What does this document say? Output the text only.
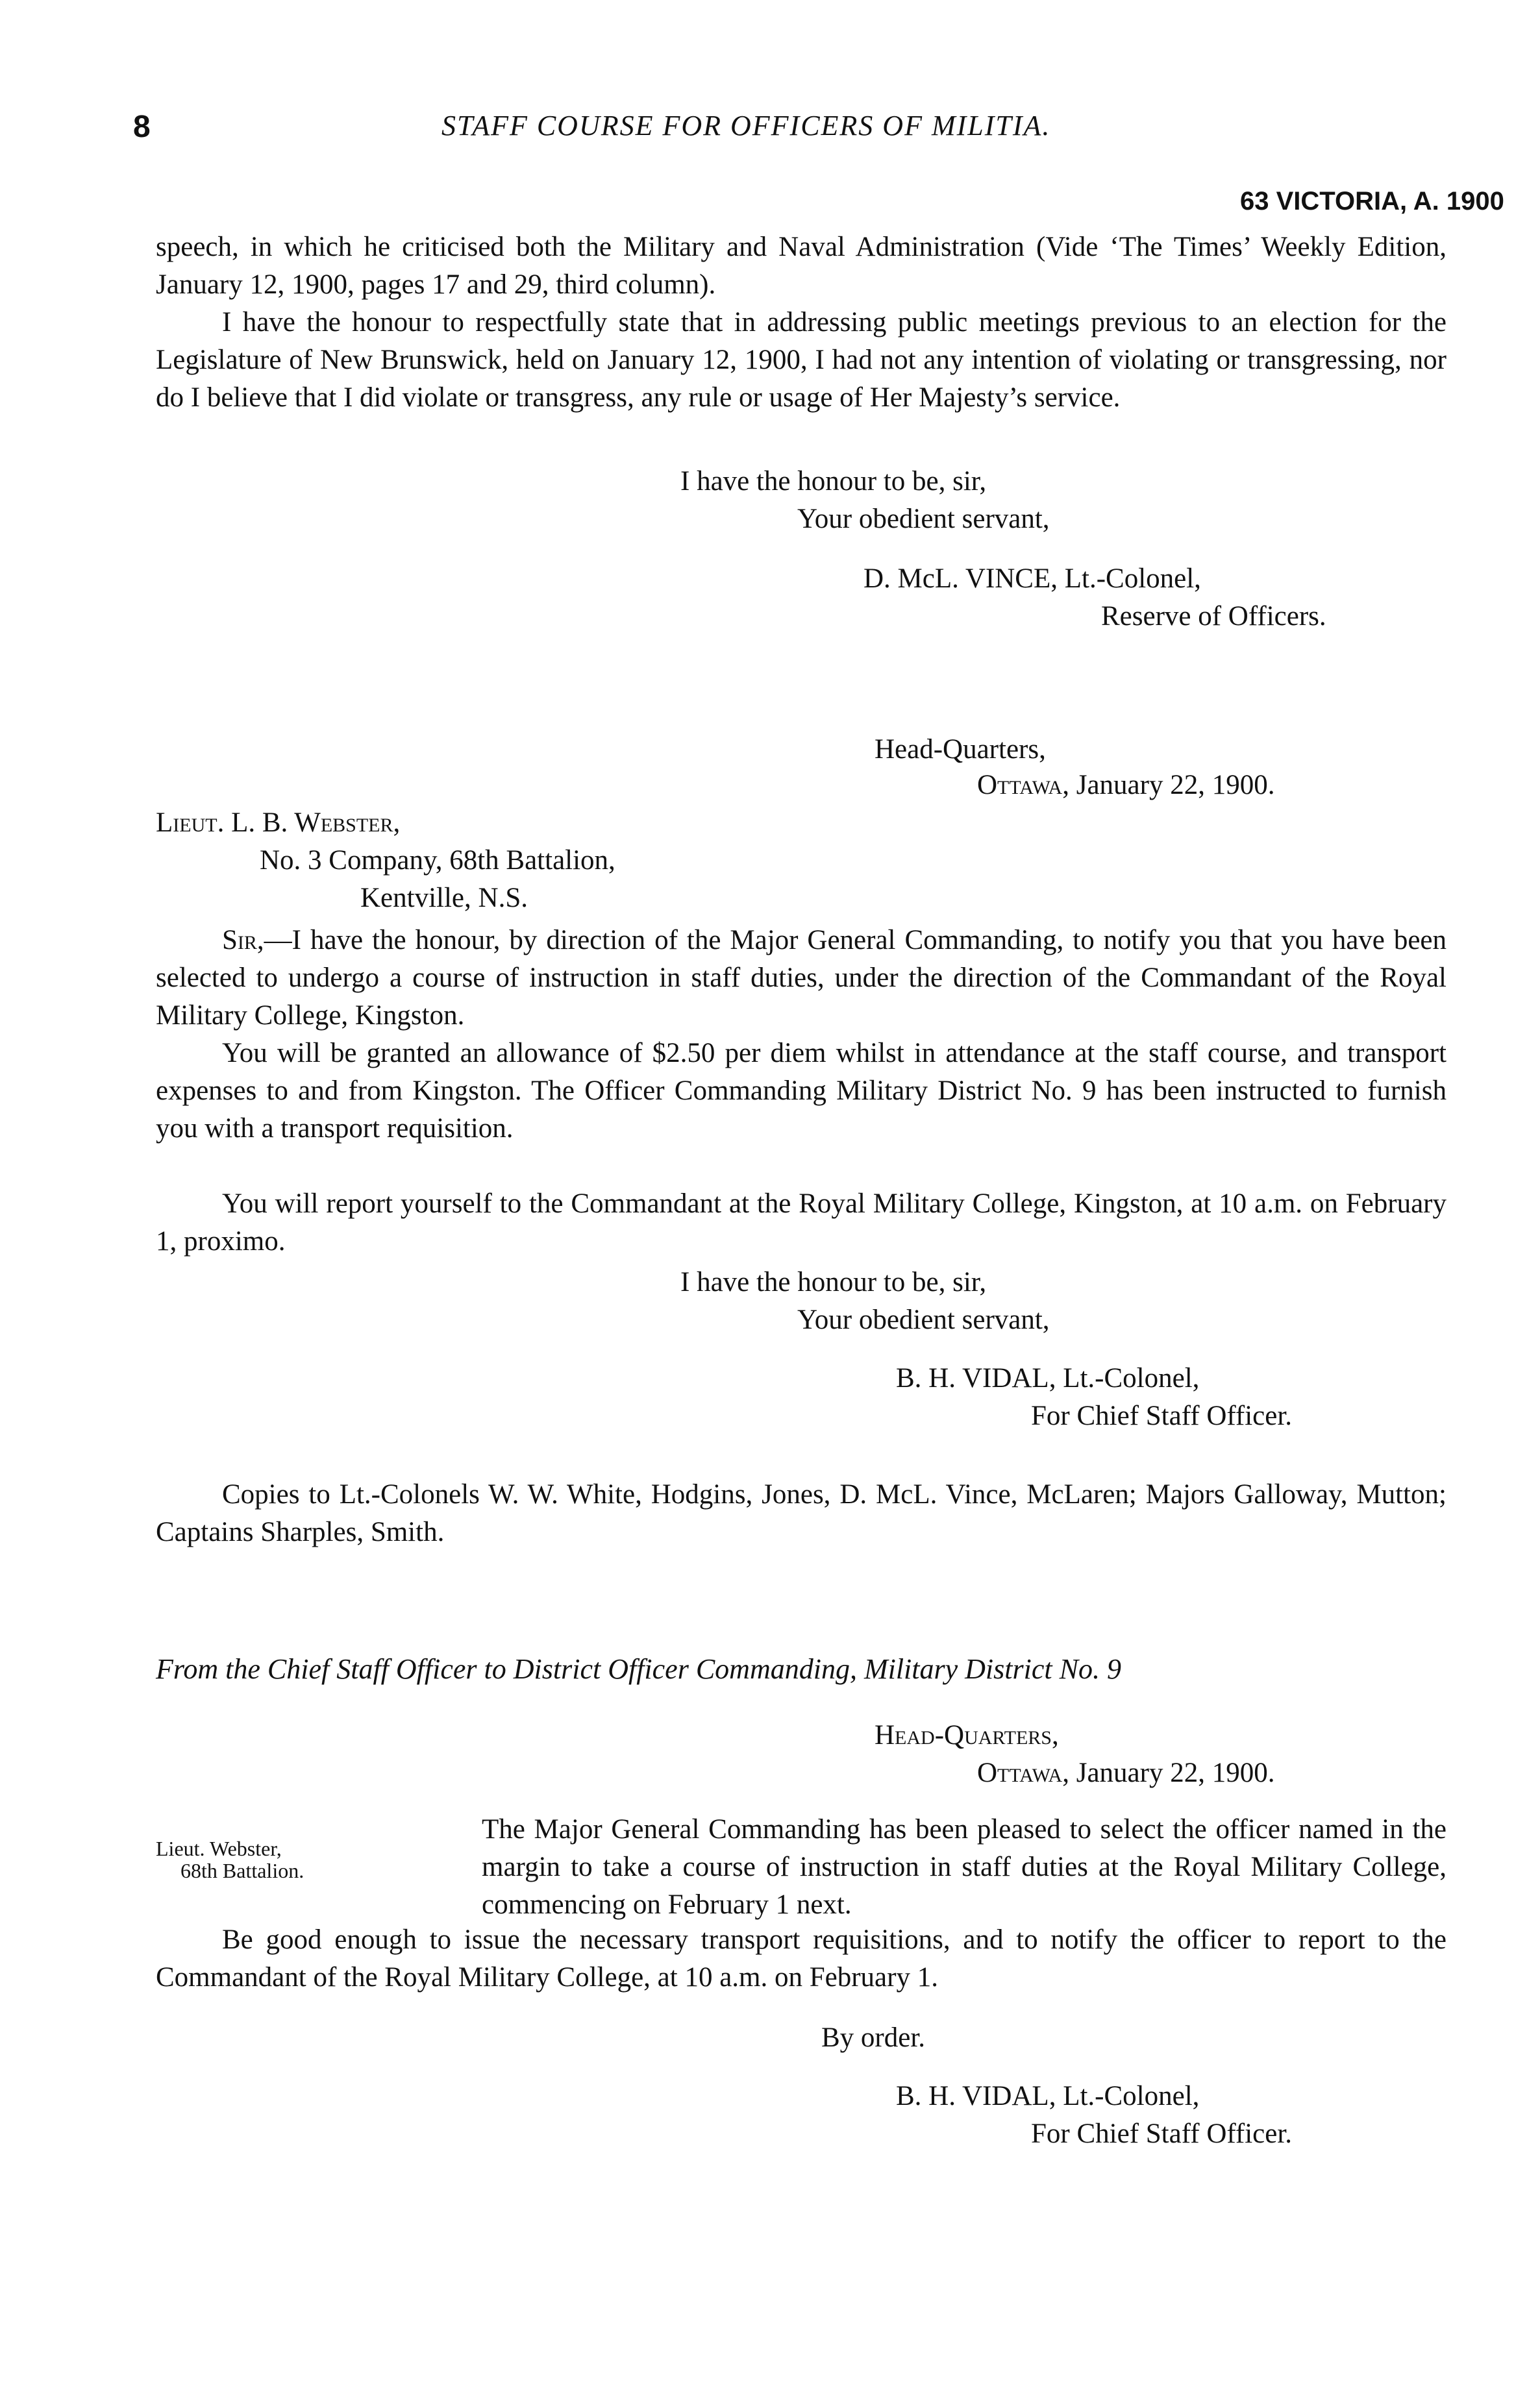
8	STAFF COURSE FOR OFFICERS OF MILITIA.
63 VICTORIA, A. 1900
speech, in which he criticised both the Military and Naval Administration (Vide ‘The Times’ Weekly Edition, January 12, 1900, pages 17 and 29, third column).
I have the honour to respectfully state that in addressing public meetings previous to an election for the Legislature of New Brunswick, held on January 12, 1900, I had not any intention of violating or transgressing, nor do I believe that I did violate or transgress, any rule or usage of Her Majesty’s service.
I have the honour to be, sir,
Your obedient servant,
D. McL. VINCE, Lt.-Colonel,
Reserve of Officers.
Head-Quarters,
Ottawa, January 22, 1900.
Lieut. L. B. Webster,
No. 3 Company, 68th Battalion,
Kentville, N.S.
Sir,—I have the honour, by direction of the Major General Commanding, to notify you that you have been selected to undergo a course of instruction in staff duties, under the direction of the Commandant of the Royal Military College, Kingston.
You will be granted an allowance of $2.50 per diem whilst in attendance at the staff course, and transport expenses to and from Kingston. The Officer Commanding Military District No. 9 has been instructed to furnish you with a transport requisition.
You will report yourself to the Commandant at the Royal Military College, Kingston, at 10 a.m. on February 1, proximo.
I have the honour to be, sir,
Your obedient servant,
B. H. VIDAL, Lt.-Colonel,
For Chief Staff Officer.
Copies to Lt.-Colonels W. W. White, Hodgins, Jones, D. McL. Vince, McLaren; Majors Galloway, Mutton; Captains Sharples, Smith.
From the Chief Staff Officer to District Officer Commanding, Military District No. 9
Head-Quarters,
Ottawa, January 22, 1900.
Lieut. Webster,
68th Battalion.
The Major General Commanding has been pleased to select the officer named in the margin to take a course of instruction in staff duties at the Royal Military College, commencing on February 1 next.
Be good enough to issue the necessary transport requisitions, and to notify the officer to report to the Commandant of the Royal Military College, at 10 a.m. on February 1.
By order.
B. H. VIDAL, Lt.-Colonel,
For Chief Staff Officer.
